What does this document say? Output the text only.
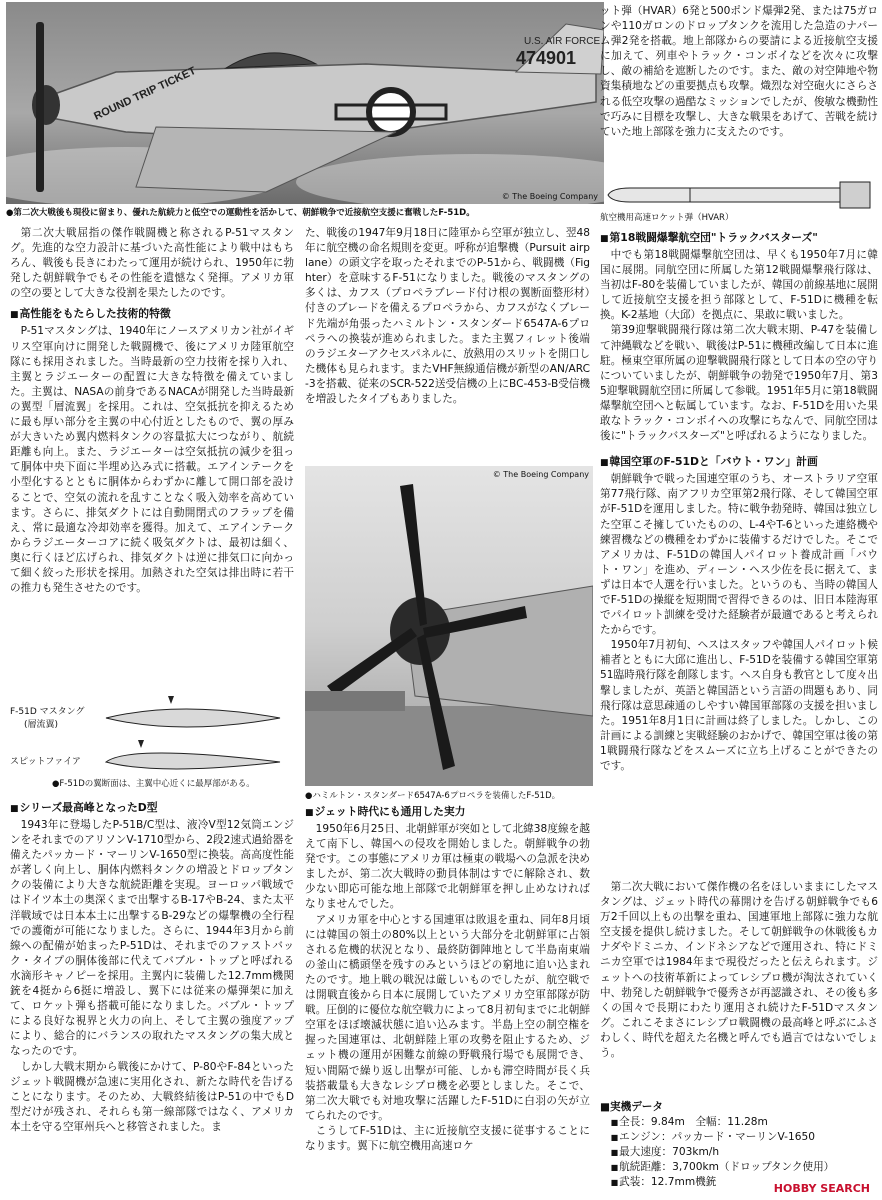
U.S. AIR FORCE
474901
ROUND TRIP TICKET
© The Boeing Company
●第二次大戦後も現役に留まり、優れた航続力と低空での運動性を活かして、朝鮮戦争で近接航空支援に奮戦したF-51D。

第二次大戦屈指の傑作戦闘機と称されるP-51マスタング。先進的な空力設計に基づいた高性能により戦中はもちろん、戦後も長きにわたって運用が続けられ、1950年に勃発した朝鮮戦争でもその性能を遺憾なく発揮。アメリカ軍の空の要として大きな役割を果たしたのです。

■ 高性能をもたらした技術的特徴

P-51マスタングは、1940年にノースアメリカン社がイギリス空軍向けに開発した戦闘機で、後にアメリカ陸軍航空隊にも採用されました。当時最新の空力技術を採り入れ、主翼とラジエーターの配置に大きな特徴を備えていました。主翼は、NASAの前身であるNACAが開発した当時最新の翼型「層流翼」を採用。これは、空気抵抗を抑えるために最も厚い部分を主翼の中心付近としたもので、翼の厚みが大きいため翼内燃料タンクの容量拡大につながり、航続距離も向上。また、ラジエーターは空気抵抗の減少を狙って胴体中央下面に半埋め込み式に搭載。エアインテークを小型化するとともに胴体からわずかに離して開口部を設けることで、空気の流れを乱すことなく吸入効率を高めています。さらに、排気ダクトには自動開閉式のフラップを備え、常に最適な冷却効率を獲得。加えて、エアインテークからラジエーターコアに続く吸気ダクトは、最初は細く、奥に行くほど広げられ、排気ダクトは逆に排気口に向かって細く絞った形状を採用。加熱された空気は排出時に若干の推力も発生させたのです。

F-51D マスタング
(層流翼)
スピットファイア
●F-51Dの翼断面は、主翼中心近くに最厚部がある。
■ シリーズ最高峰となったD型

1943年に登場したP-51B/C型は、液冷V型12気筒エンジンをそれまでのアリソンV-1710型から、2段2速式過給器を備えたパッカード・マーリンV-1650型に換装。高高度性能が著しく向上し、胴体内燃料タンクの増設とドロップタンクの装備により大きな航続距離を実現。ヨーロッパ戦域ではドイツ本土の奥深くまで出撃するB-17やB-24、また太平洋戦域では日本本土に出撃するB-29などの爆撃機の全行程での護衛が可能になりました。さらに、1944年3月から前線への配備が始まったP-51Dは、それまでのファストバック・タイプの胴体後部に代えてバブル・トップと呼ばれる水滴形キャノピーを採用。主翼内に装備した12.7mm機関銃を4挺から6挺に増設し、翼下には従来の爆弾架に加えて、ロケット弾も搭載可能になりました。バブル・トップによる良好な視界と火力の向上、そして主翼の強度アップにより、総合的にバランスの取れたマスタングの集大成となったのです。

しかし大戦末期から戦後にかけて、P-80やF-84といったジェット戦闘機が急速に実用化され、新たな時代を告げることになります。そのため、大戦終結後はP-51の中でもD型だけが残され、それらも第一線部隊ではなく、アメリカ本土を守る空軍州兵へと移管されました。ま

た、戦後の1947年9月18日に陸軍から空軍が独立し、翌48年に航空機の命名規則を変更。呼称が追撃機（Pursuit airplane）の頭文字を取ったそれまでのP-51から、戦闘機（Fighter）を意味するF-51になりました。戦後のマスタングの多くは、カフス（プロペラブレード付け根の翼断面整形材）付きのブレードを備えるプロペラから、カフスがなくブレード先端が角張ったハミルトン・スタンダード6547A-6プロペラへの換装が進められました。また主翼フィレット後端のラジエターアクセスパネルに、放熱用のスリットを開口した機体も見られます。またVHF無線通信機が新型のAN/ARC-3を搭載、従来のSCR-522送受信機の上にBC-453-B受信機を増設したタイプもありました。

© The Boeing Company
●ハミルトン・スタンダード6547A-6プロペラを装備したF-51D。
■ ジェット時代にも通用した実力

1950年6月25日、北朝鮮軍が突如として北緯38度線を越えて南下し、韓国への侵攻を開始しました。朝鮮戦争の勃発です。この事態にアメリカ軍は極東の戦場への急派を決めましたが、第二次大戦時の動員体制はすでに解除され、数少ない即応可能な地上部隊で北朝鮮軍を押し止めなければなりませんでした。

アメリカ軍を中心とする国連軍は敗退を重ね、同年8月頃には韓国の領土の80%以上という大部分を北朝鮮軍に占領される危機的状況となり、最終防御陣地として半島南東端の釜山に橋頭堡を残すのみというほどの窮地に追い込まれたのです。地上戦の戦況は厳しいものでしたが、航空戦では開戦直後から日本に展開していたアメリカ空軍部隊が防戦。圧倒的に優位な航空戦力によって8月初旬までに北朝鮮空軍をほぼ壊滅状態に追い込みます。半島上空の制空権を握った国連軍は、北朝鮮陸上軍の攻勢を阻止するため、ジェット機の運用が困難な前線の野戦飛行場でも展開でき、短い間隔で繰り返し出撃が可能、しかも滞空時間が長く兵装搭載量も大きなレシプロ機を必要としました。そこで、第二次大戦でも対地攻撃に活躍したF-51Dに白羽の矢が立てられたのです。

こうしてF-51Dは、主に近接航空支援に従事することになります。翼下に航空機用高速ロケ

ット弾（HVAR）6発と500ポンド爆弾2発、または75ガロンや110ガロンのドロップタンクを流用した急造のナパーム弾2発を搭載。地上部隊からの要請による近接航空支援に加えて、列車やトラック・コンボイなどを次々に攻撃し、敵の補給を遮断したのです。また、敵の対空陣地や物資集積地などの重要拠点も攻撃。熾烈な対空砲火にさらされる低空攻撃の過酷なミッションでしたが、俊敏な機動性で巧みに目標を攻撃し、大きな戦果をあげて、苦戦を続けていた地上部隊を強力に支えたのです。

航空機用高速ロケット弾（HVAR）
■ 第18戦闘爆撃航空団"トラックバスターズ"

中でも第18戦闘爆撃航空団は、早くも1950年7月に韓国に展開。同航空団に所属した第12戦闘爆撃飛行隊は、当初はF-80を装備していましたが、韓国の前線基地に展開して近接航空支援を担う部隊として、F-51Dに機種を転換。K-2基地（大邱）を拠点に、果敢に戦いました。

第39迎撃戦闘飛行隊は第二次大戦末期、P-47を装備して沖縄戦などを戦い、戦後はP-51に機種改編して日本に進駐。極東空軍所属の迎撃戦闘飛行隊として日本の空の守りについていましたが、朝鮮戦争の勃発で1950年7月、第35迎撃戦闘航空団に所属して参戦。1951年5月に第18戦闘爆撃航空団へと転属しています。なお、F-51Dを用いた果敢なトラック・コンボイへの攻撃にちなんで、同航空団は後に"トラックバスターズ"と呼ばれるようになりました。

■ 韓国空軍のF-51Dと「バウト・ワン」計画

朝鮮戦争で戦った国連空軍のうち、オーストラリア空軍第77飛行隊、南アフリカ空軍第2飛行隊、そして韓国空軍がF-51Dを運用しました。特に戦争勃発時、韓国は独立した空軍こそ擁していたものの、L-4やT-6といった連絡機や練習機などの機種をわずかに装備するだけでした。そこでアメリカは、F-51Dの韓国人パイロット養成計画「バウト・ワン」を進め、ディーン・ヘス少佐を長に据えて、まずは日本で人選を行いました。というのも、当時の韓国人でF-51Dの操縦を短期間で習得できるのは、旧日本陸海軍でパイロット訓練を受けた経験者が最適であると考えられたからです。

1950年7月初旬、ヘスはスタッフや韓国人パイロット候補者とともに大邱に進出し、F-51Dを装備する韓国空軍第51臨時飛行隊を創隊します。ヘス自身も教官として度々出撃しましたが、英語と韓国語という言語の問題もあり、同飛行隊は意思疎通のしやすい韓国軍部隊の支援を担いました。1951年8月1日に計画は終了しました。しかし、この計画による訓練と実戦経験のおかげで、韓国空軍は後の第1戦闘飛行隊などをスムーズに立ち上げることができたのです。

第二次大戦において傑作機の名をほしいままにしたマスタングは、ジェット時代の幕開けを告げる朝鮮戦争でも6万2千回以上もの出撃を重ね、国連軍地上部隊に強力な航空支援を提供し続けました。そして朝鮮戦争の休戦後もカナダやドミニカ、インドネシアなどで運用され、特にドミニカ空軍では1984年まで現役だったと伝えられます。ジェットへの技術革新によってレシプロ機が淘汰されていく中、勃発した朝鮮戦争で優秀さが再認識され、その後も多くの国々で長期にわたり運用され続けたF-51Dマスタング。これこそまさにレシプロ戦闘機の最高峰と呼ぶにふさわしく、時代を超えた名機と呼んでも過言ではないでしょう。

■実機データ

■ 全長：9.84m　全幅：11.28m

■ エンジン：パッカード・マーリンV-1650

■ 最大速度：703km/h

■ 航続距離：3,700km（ドロップタンク使用）

■ 武装：12.7mm機銃	HOBBY SEARCH
